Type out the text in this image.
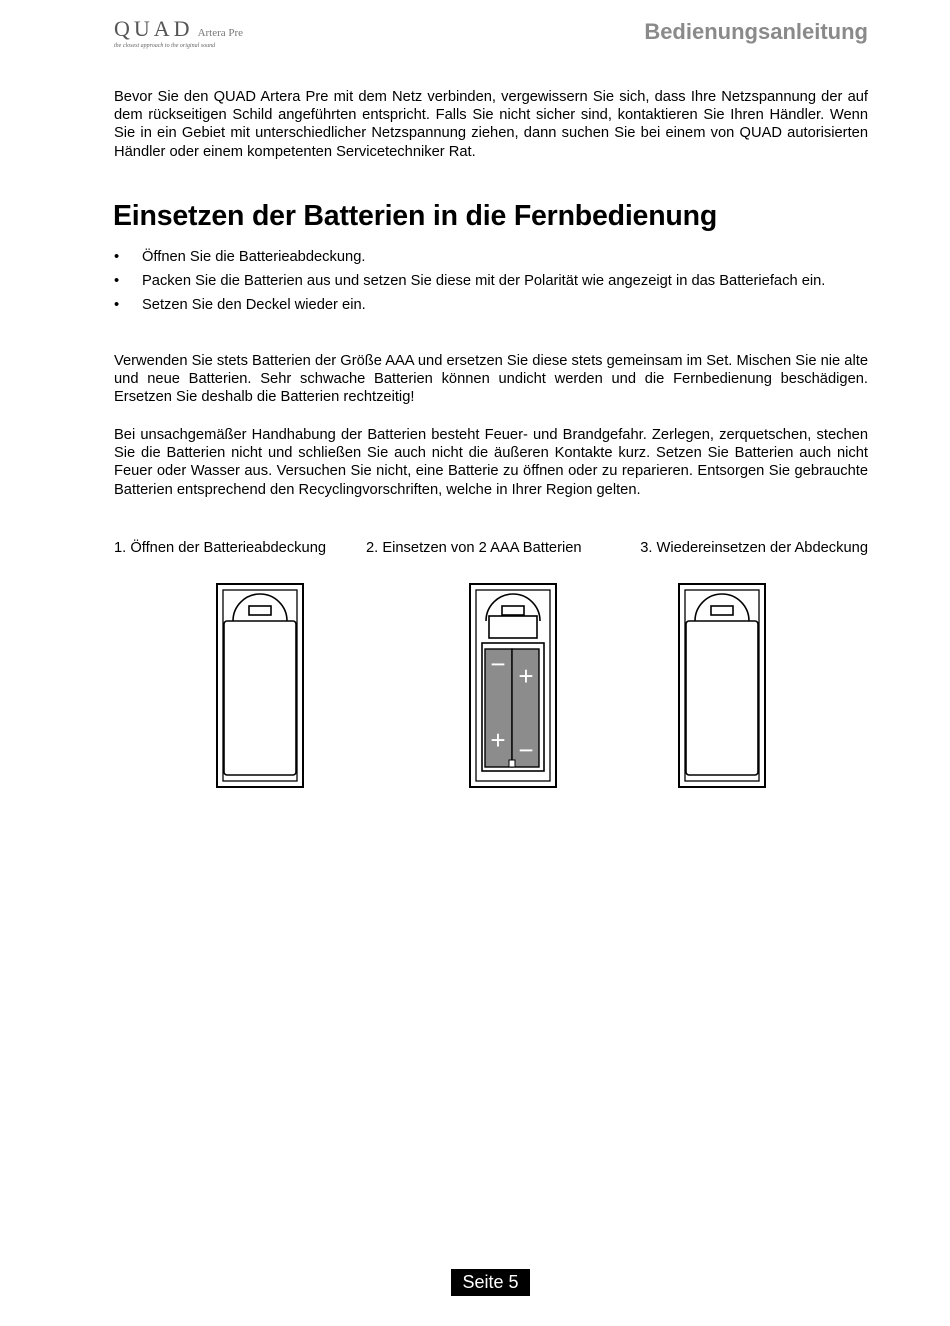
QUAD Artera Pre
the closest approach to the original sound
Bedienungsanleitung

Bevor Sie den QUAD Artera Pre mit dem Netz verbinden, vergewissern Sie sich, dass Ihre Netzspannung der auf dem rückseitigen Schild angeführten entspricht. Falls Sie nicht sicher sind, kontaktieren Sie Ihren Händler. Wenn Sie in ein Gebiet mit unterschiedlicher Netzspannung ziehen, dann suchen Sie bei einem von QUAD autorisierten Händler oder einem kompetenten Servicetechniker Rat.

Einsetzen der Batterien in die Fernbedienung
• Öffnen Sie die Batterieabdeckung.
• Packen Sie die Batterien aus und setzen Sie diese mit der Polarität wie angezeigt in das Batteriefach ein.
• Setzen Sie den Deckel wieder ein.

Verwenden Sie stets Batterien der Größe AAA und ersetzen Sie diese stets gemeinsam im Set. Mischen Sie nie alte und neue Batterien. Sehr schwache Batterien können undicht werden und die Fernbedienung beschädigen. Ersetzen Sie deshalb die Batterien rechtzeitig!

Bei unsachgemäßer Handhabung der Batterien besteht Feuer- und Brandgefahr. Zerlegen, zerquetschen, stechen Sie die Batterien nicht und schließen Sie auch nicht die äußeren Kontakte kurz. Setzen Sie Batterien auch nicht Feuer oder Wasser aus. Versuchen Sie nicht, eine Batterie zu öffnen oder zu reparieren. Entsorgen Sie gebrauchte Batterien entsprechend den Recyclingvorschriften, welche in Ihrer Region gelten.

1. Öffnen der Batterieabdeckung	2. Einsetzen von 2 AAA Batterien	3. Wiedereinsetzen der Abdeckung
− +
+ −
Seite 5
